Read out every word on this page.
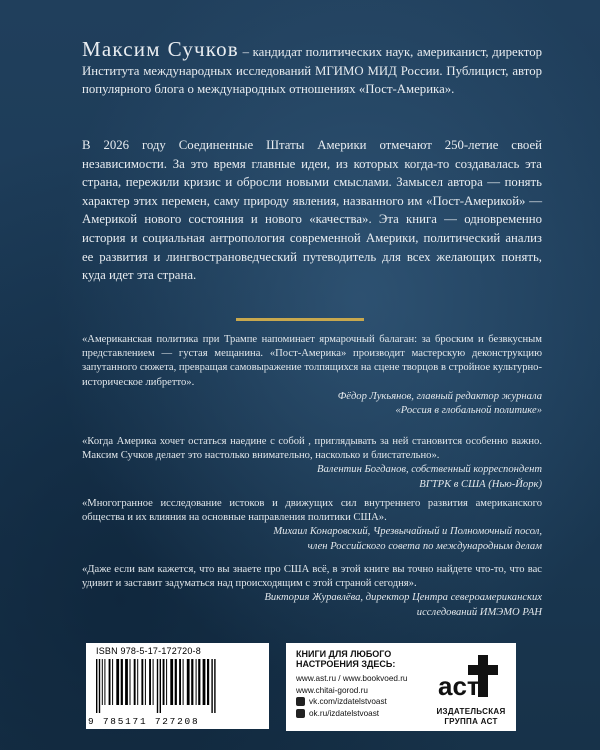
Максим Сучков – кандидат политических наук, американист, директор Института международных исследований МГИМО МИД России. Публицист, автор популярного блога о международных отношениях «Пост-Америка».

В 2026 году Соединенные Штаты Америки отмечают 250-летие своей независимости. За это время главные идеи, из которых когда-то создавалась эта страна, пережили кризис и обросли новыми смыслами. Замысел автора — понять характер этих перемен, саму природу явления, названного им «Пост-Америкой» — Америкой нового состояния и нового «качества». Эта книга — одновременно история и социальная антропология современной Америки, политический анализ ее развития и лингвострановедческий путеводитель для всех желающих понять, куда идет эта страна.

«Американская политика при Трампе напоминает ярмарочный балаган: за броским и безвкусным представлением — густая мещанина. «Пост-Америка» производит мастерскую деконструкцию запутанного сюжета, превращая самовыражение толпящихся на сцене творцов в стройное культурно-историческое либретто».

Фёдор Лукьянов, главный редактор журнала
«Россия в глобальной политике»

«Когда Америка хочет остаться наедине с собой , приглядывать за ней становится особенно важно. Максим Сучков делает это настолько внимательно, насколько и блистательно».

Валентин Богданов, собственный корреспондент
ВГТРК в США (Нью-Йорк)

«Многогранное исследование истоков и движущих сил внутреннего развития американского общества и их влияния на основные направления политики США».

Михаил Конаровский, Чрезвычайный и Полномочный посол,
член Российского совета по международным делам

«Даже если вам кажется, что вы знаете про США всё, в этой книге вы точно найдете что-то, что вас удивит и заставит задуматься над происходящим с этой страной сегодня».

Виктория Журавлёва, директор Центра североамериканских
исследований ИМЭМО РАН

ISBN 978-5-17-172720-8
9 785171 727208
КНИГИ ДЛЯ ЛЮБОГО
НАСТРОЕНИЯ ЗДЕСЬ:
www.ast.ru / www.bookvoed.ru
www.chitai-gorod.ru
vk.com/izdatelstvoast
ok.ru/izdatelstvoast
аст
ИЗДАТЕЛЬСКАЯ
ГРУППА АСТ
